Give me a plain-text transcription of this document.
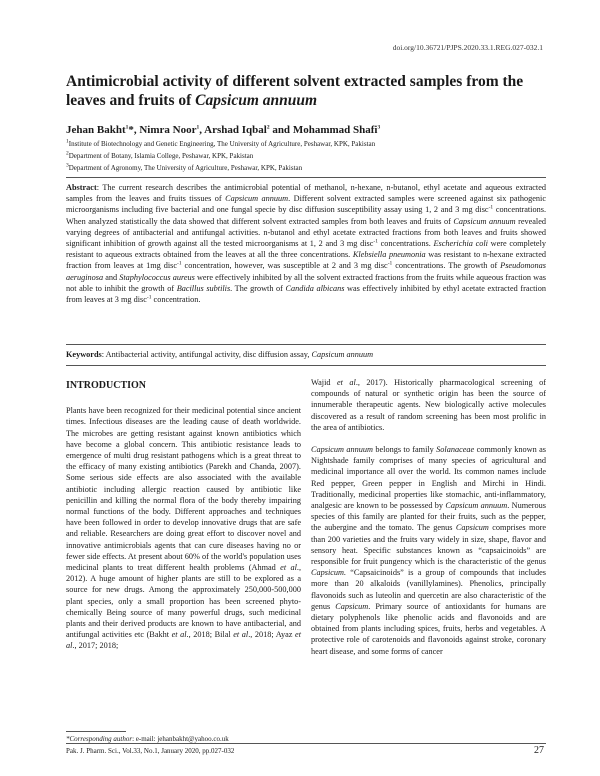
doi.org/10.36721/PJPS.2020.33.1.REG.027-032.1
Antimicrobial activity of different solvent extracted samples from the leaves and fruits of Capsicum annuum
Jehan Bakht$^1$*, Nimra Noor$^1$, Arshad Iqbal$^2$ and Mohammad Shafi$^3$
$^1$Institute of Biotechnology and Genetic Engineering, The University of Agriculture, Peshawar, KPK, Pakistan
$^2$Department of Botany, Islamia College, Peshawar, KPK, Pakistan
$^3$Department of Agronomy, The University of Agriculture, Peshawar, KPK, Pakistan

Abstract: The current research describes the antimicrobial potential of methanol, n-hexane, n-butanol, ethyl acetate and aqueous extracted samples from the leaves and fruits tissues of Capsicum annuum. Different solvent extracted samples were screened against six pathogenic microorganisms including five bacterial and one fungal specie by disc diffusion susceptibility assay using 1, 2 and 3 mg disc$^{-1}$ concentrations. When analyzed statistically the data showed that different solvent extracted samples from both leaves and fruits of Capsicum annuum revealed varying degrees of antibacterial and antifungal activities. n-butanol and ethyl acetate extracted fractions from both leaves and fruits showed significant inhibition of growth against all the tested microorganisms at 1, 2 and 3 mg disc$^{-1}$ concentrations. Escherichia coli were completely resistant to aqueous extracts obtained from the leaves at all the three concentrations. Klebsiella pneumonia was resistant to n-hexane extracted fraction from leaves at 1mg disc$^{-1}$ concentration, however, was susceptible at 2 and 3 mg disc$^{-1}$ concentrations. The growth of Pseudomonas aeruginosa and Staphylococcus aureus were effectively inhibited by all the solvent extracted fractions from the fruits while aqueous fraction was not able to inhibit the growth of Bacillus subtilis. The growth of Candida albicans was effectively inhibited by ethyl acetate extracted fraction from leaves at 3 mg disc$^{-1}$ concentration.

Keywords: Antibacterial activity, antifungal activity, disc diffusion assay, Capsicum annuum

INTRODUCTION

Plants have been recognized for their medicinal potential since ancient times. Infectious diseases are the leading cause of death worldwide. The microbes are getting resistant against known antibiotics which have become a global concern. This antibiotic resistance leads to emergence of multi drug resistant pathogens which is a great threat to the efficacy of many existing antibiotics (Parekh and Chanda, 2007). Some serious side effects are also associated with the available antibiotic including allergic reaction caused by antibiotic like penicillin and killing the normal flora of the body thereby impairing normal functions of the body. Different approaches and techniques have been followed in order to develop innovative drugs that are safe and reliable. Researchers are doing great effort to discover novel and innovative antimicrobials agents that can cure diseases having no or fewer side effects. At present about 60% of the world's population uses medicinal plants to treat different health problems (Ahmad et al., 2012). A huge amount of higher plants are still to be explored as a source for new drugs. Among the approximately 250,000-500,000 plant species, only a small proportion has been screened phyto-chemically Being source of many powerful drugs, such medicinal plants and their derived products are known to have antibacterial, and antifungal activities etc (Bakht et al., 2018; Bilal et al., 2018; Ayaz et al., 2017; 2018;

Wajid et al., 2017). Historically pharmacological screening of compounds of natural or synthetic origin has been the source of innumerable therapeutic agents. New biologically active molecules discovered as a result of random screening has been most prolific in the area of antibiotics.

Capsicum annuum belongs to family Solanaceae commonly known as Nightshade family comprises of many species of agricultural and medicinal importance all over the world. Its common names include Red pepper, Green pepper in English and Mirchi in Hindi. Traditionally, medicinal properties like stomachic, anti-inflammatory, analgesic are known to be possessed by Capsicum annuum. Numerous species of this family are planted for their fruits, such as the pepper, the aubergine and the tomato. The genus Capsicum comprises more than 200 varieties and the fruits vary widely in size, shape, flavor and sensory heat. Specific substances known as “capsaicinoids” are responsible for fruit pungency which is the characteristic of the genus Capsicum. “Capsaicinoids” is a group of compounds that includes more than 20 alkaloids (vanillylamines). Phenolics, principally flavonoids such as luteolin and quercetin are also characteristic of the genus Capsicum. Primary source of antioxidants for humans are dietary polyphenols like phenolic acids and flavonoids and are obtained from plants including spices, fruits, herbs and vegetables. A protective role of carotenoids and flavonoids against stroke, coronary heart disease, and some forms of cancer

*Corresponding author: e-mail: jehanbakht@yahoo.co.uk
Pak. J. Pharm. Sci., Vol.33, No.1, January 2020, pp.027-032	27
